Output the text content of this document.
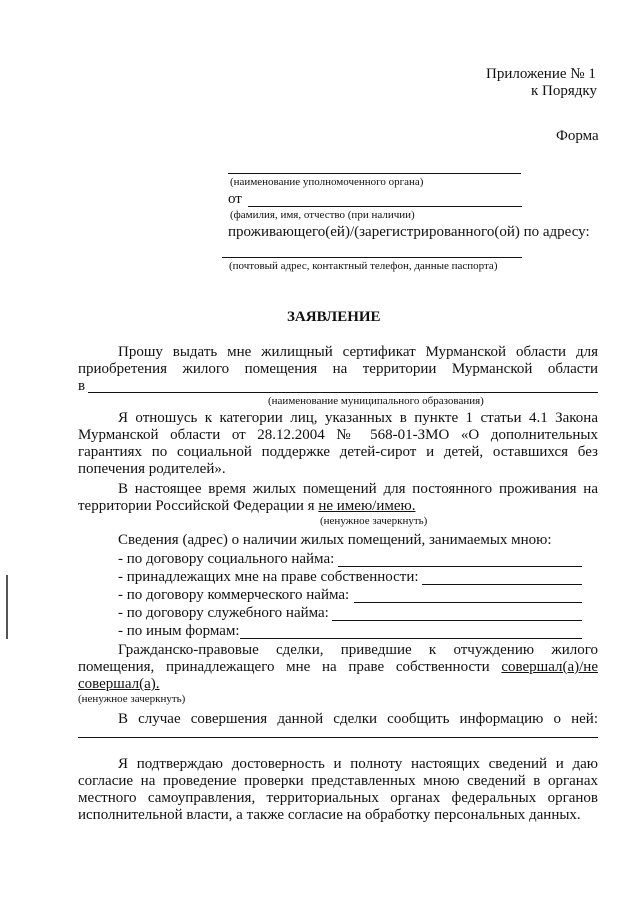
Приложение № 1
к Порядку
Форма
(наименование уполномоченного органа)
от
(фамилия, имя, отчество (при наличии)
проживающего(ей)/(зарегистрированного(ой) по адресу:
(почтовый адрес, контактный телефон, данные паспорта)
ЗАЯВЛЕНИЕ
Прошу выдать мне жилищный сертификат Мурманской области для
приобретения жилого помещения на территории Мурманской области
в
(наименование муниципального образования)
Я отношусь к категории лиц, указанных в пункте 1 статьи 4.1 Закона
Мурманской области от 28.12.2004 № 568-01-ЗМО «О дополнительных
гарантиях по социальной поддержке детей-сирот и детей, оставшихся без
попечения родителей».
В настоящее время жилых помещений для постоянного проживания на
территории Российской Федерации я не имею/имею.
(ненужное зачеркнуть)
Сведения (адрес) о наличии жилых помещений, занимаемых мною:
- по договору социального найма:
- принадлежащих мне на праве собственности:
- по договору коммерческого найма:
- по договору служебного найма:
- по иным формам:
Гражданско-правовые сделки, приведшие к отчуждению жилого
помещения, принадлежащего мне на праве собственности совершал(а)/не
совершал(а).
(ненужное зачеркнуть)
В случае совершения данной сделки сообщить информацию о ней:
Я подтверждаю достоверность и полноту настоящих сведений и даю
согласие на проведение проверки представленных мною сведений в органах
местного самоуправления, территориальных органах федеральных органов
исполнительной власти, а также согласие на обработку персональных данных.
